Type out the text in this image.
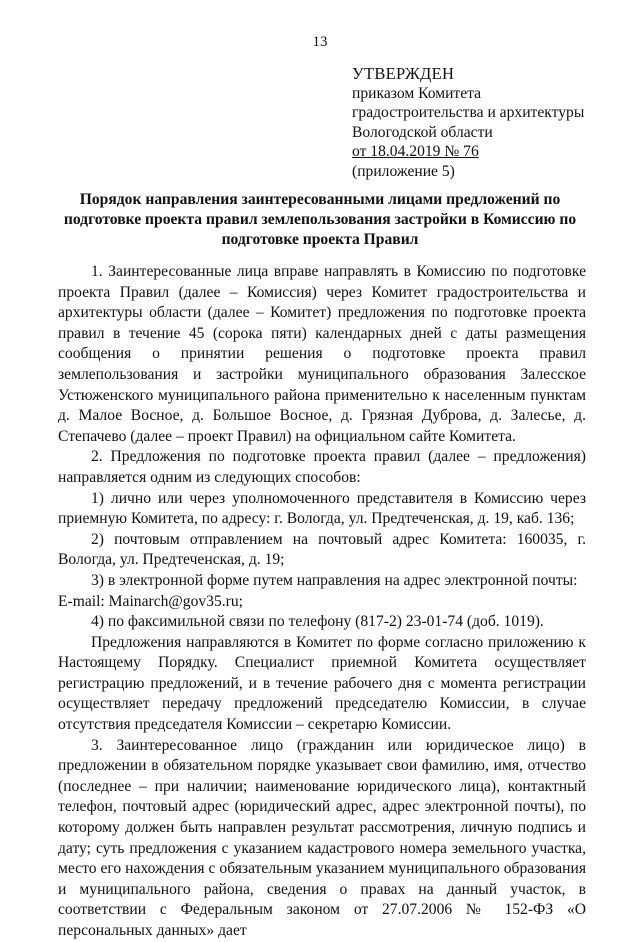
13
УТВЕРЖДЕН
приказом Комитета
градостроительства и архитектуры
Вологодской области
от 18.04.2019 № 76
(приложение 5)
Порядок направления заинтересованными лицами предложений по подготовке проекта правил землепользования застройки в Комиссию по подготовке проекта Правил

1. Заинтересованные лица вправе направлять в Комиссию по подготовке проекта Правил (далее – Комиссия) через Комитет градостроительства и архитектуры области (далее – Комитет) предложения по подготовке проекта правил в течение 45 (сорока пяти) календарных дней с даты размещения сообщения о принятии решения о подготовке проекта правил землепользования и застройки муниципального образования Залесское Устюженского муниципального района применительно к населенным пунктам д. Малое Восное, д. Большое Восное, д. Грязная Дуброва, д. Залесье, д. Степачево (далее – проект Правил) на официальном сайте Комитета.

2. Предложения по подготовке проекта правил (далее – предложения) направляется одним из следующих способов:

1) лично или через уполномоченного представителя в Комиссию через приемную Комитета, по адресу: г. Вологда, ул. Предтеченская, д. 19, каб. 136;

2) почтовым отправлением на почтовый адрес Комитета: 160035, г. Вологда, ул. Предтеченская, д. 19;

3) в электронной форме путем направления на адрес электронной почты:

E-mail: Mainarch@gov35.ru;

4) по факсимильной связи по телефону (817-2) 23-01-74 (доб. 1019).

Предложения направляются в Комитет по форме согласно приложению к Настоящему Порядку. Специалист приемной Комитета осуществляет регистрацию предложений, и в течение рабочего дня с момента регистрации осуществляет передачу предложений председателю Комиссии, в случае отсутствия председателя Комиссии – секретарю Комиссии.

3. Заинтересованное лицо (гражданин или юридическое лицо) в предложении в обязательном порядке указывает свои фамилию, имя, отчество (последнее – при наличии; наименование юридического лица), контактный телефон, почтовый адрес (юридический адрес, адрес электронной почты), по которому должен быть направлен результат рассмотрения, личную подпись и дату; суть предложения с указанием кадастрового номера земельного участка, место его нахождения с обязательным указанием муниципального образования и муниципального района, сведения о правах на данный участок, в соответствии с Федеральным законом от 27.07.2006 № 152-ФЗ «О персональных данных» дает
